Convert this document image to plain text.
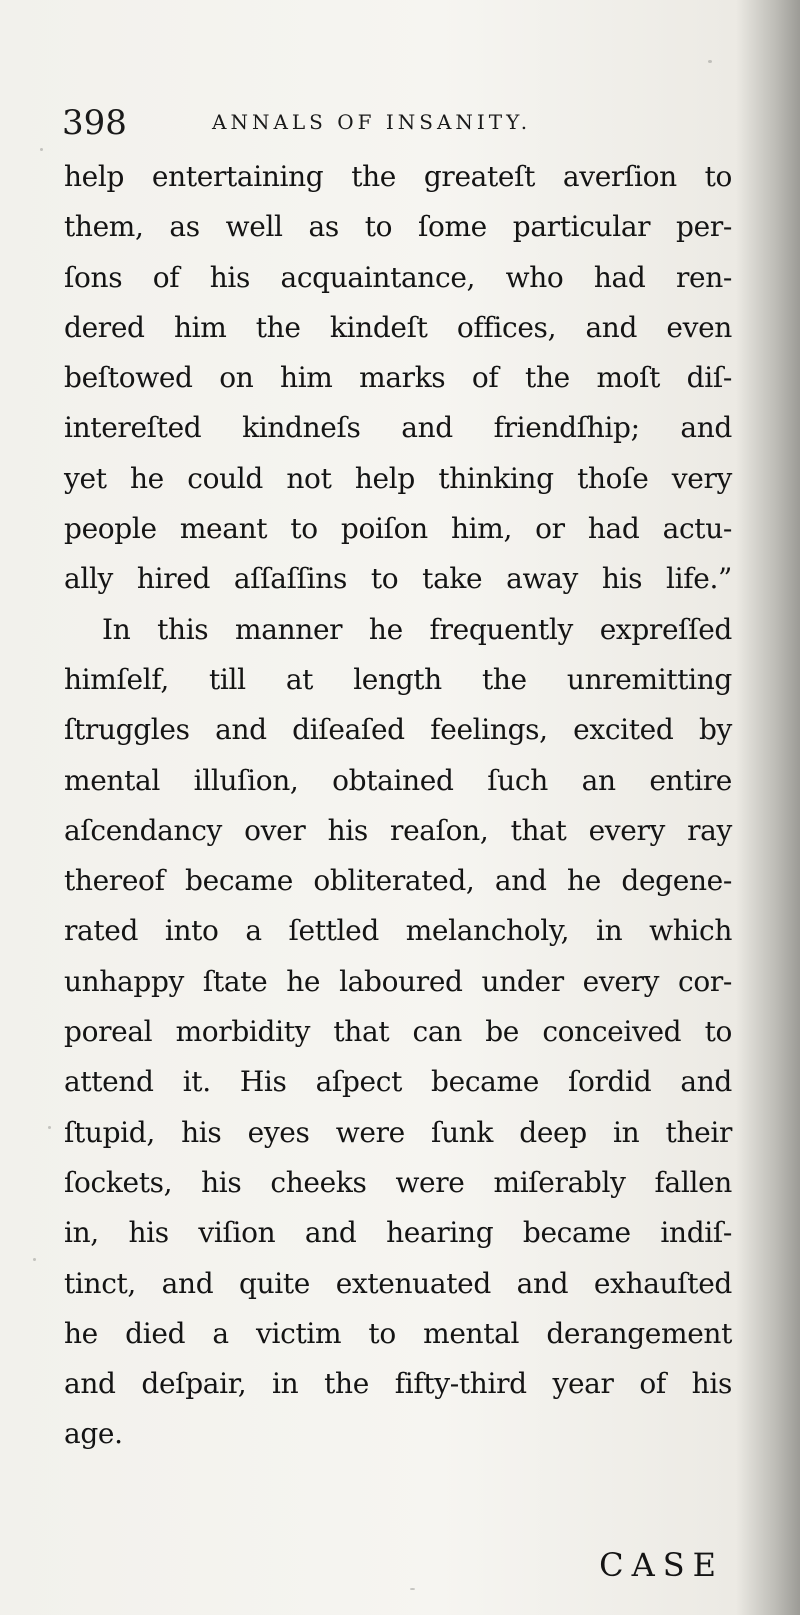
398	ANNALS OF INSANITY.
help entertaining the greateſt averſion to
them, as well as to ſome particular per-
ſons of his acquaintance, who had ren-
dered him the kindeſt offices, and even
beſtowed on him marks of the moſt diſ-
intereſted kindneſs and friendſhip; and
yet he could not help thinking thoſe very
people meant to poiſon him, or had actu-
ally hired aſſaſſins to take away his life.”
In this manner he frequently expreſſed
himſelf, till at length the unremitting
ſtruggles and diſeaſed feelings, excited by
mental illuſion, obtained ſuch an entire
aſcendancy over his reaſon, that every ray
thereof became obliterated, and he degene-
rated into a ſettled melancholy, in which
unhappy ſtate he laboured under every cor-
poreal morbidity that can be conceived to
attend it. His aſpect became ſordid and
ſtupid, his eyes were ſunk deep in their
ſockets, his cheeks were miſerably fallen
in, his viſion and hearing became indiſ-
tinct, and quite extenuated and exhauſted
he died a victim to mental derangement
and deſpair, in the fifty-third year of his
age.
CASE
